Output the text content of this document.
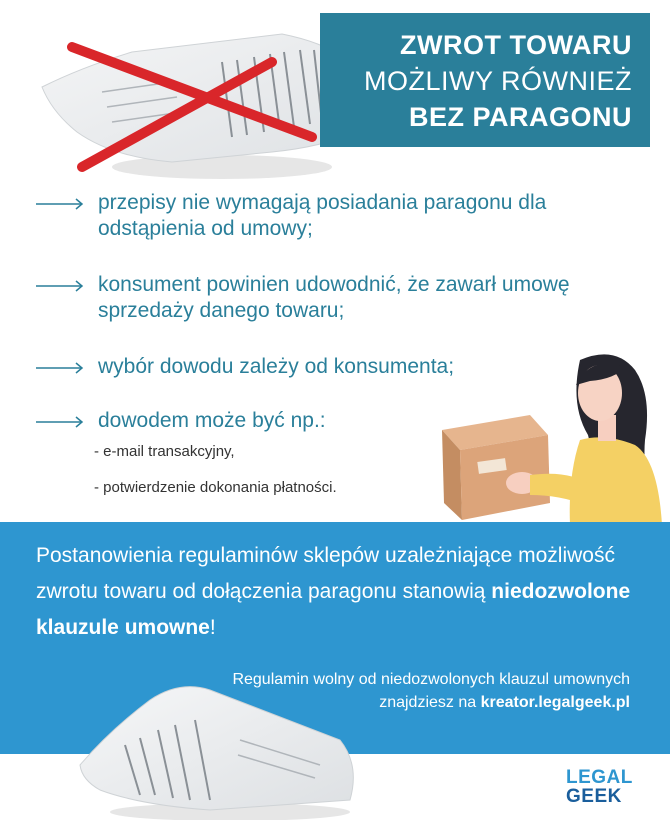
ZWROT TOWARU
MOŻLIWY RÓWNIEŻ
BEZ PARAGONU
przepisy nie wymagają posiadania paragonu dla odstąpienia od umowy;
konsument powinien udowodnić, że zawarł umowę sprzedaży danego towaru;
wybór dowodu zależy od konsumenta;
dowodem może być np.:
- e-mail transakcyjny,
- potwierdzenie dokonania płatności.
Postanowienia regulaminów sklepów uzależniające możliwość zwrotu towaru od dołączenia paragonu stanowią niedozwolone klauzule umowne!
Regulamin wolny od niedozwolonych klauzul umownych znajdziesz na kreator.legalgeek.pl
LEGAL
GEEK
